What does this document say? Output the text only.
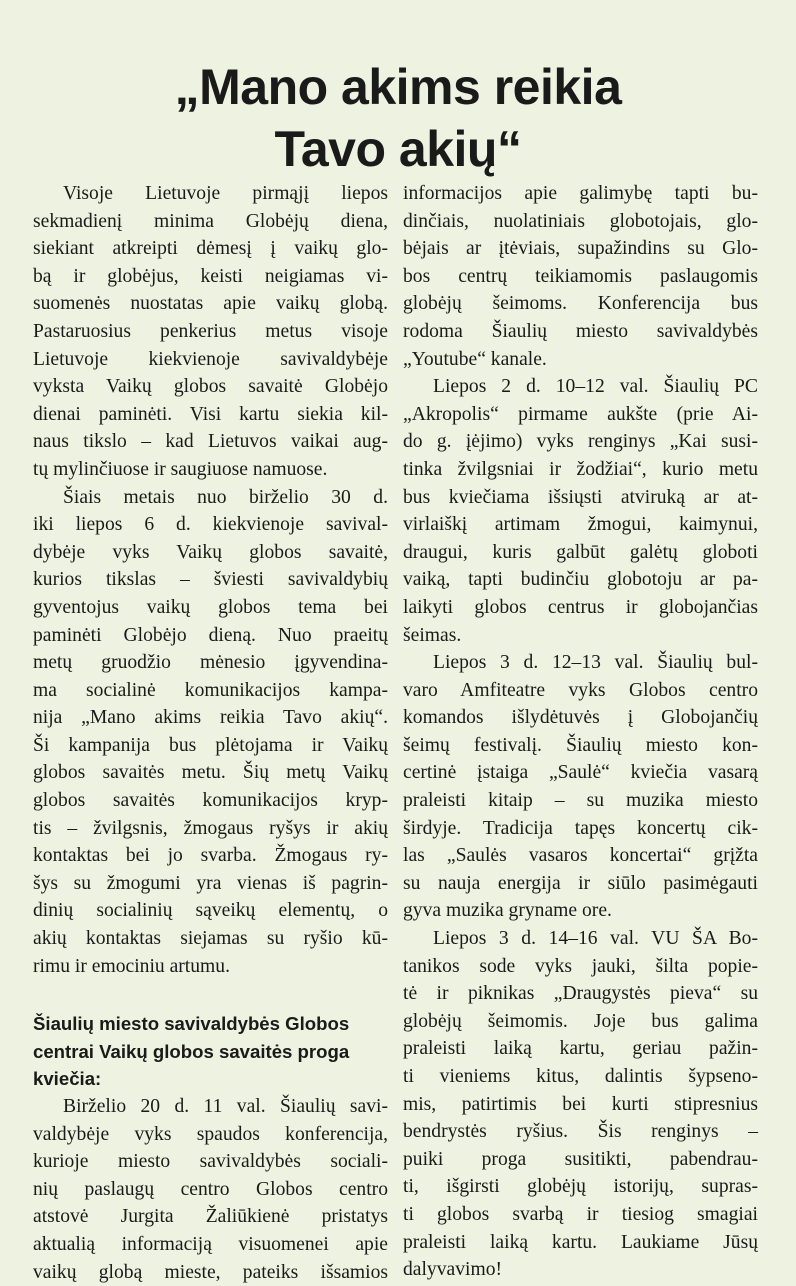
„Mano akims reikia
Tavo akių“
Visoje Lietuvoje pirmąjį liepos
sekmadienį minima Globėjų diena,
siekiant atkreipti dėmesį į vaikų glo-
bą ir globėjus, keisti neigiamas vi-
suomenės nuostatas apie vaikų globą.
Pastaruosius penkerius metus visoje
Lietuvoje kiekvienoje savivaldybėje
vyksta Vaikų globos savaitė Globėjo
dienai paminėti. Visi kartu siekia kil-
naus tikslo – kad Lietuvos vaikai aug-
tų mylinčiuose ir saugiuose namuose.
Šiais metais nuo birželio 30 d.
iki liepos 6 d. kiekvienoje savival-
dybėje vyks Vaikų globos savaitė,
kurios tikslas – šviesti savivaldybių
gyventojus vaikų globos tema bei
paminėti Globėjo dieną. Nuo praeitų
metų gruodžio mėnesio įgyvendina-
ma socialinė komunikacijos kampa-
nija „Mano akims reikia Tavo akių“.
Ši kampanija bus plėtojama ir Vaikų
globos savaitės metu. Šių metų Vaikų
globos savaitės komunikacijos kryp-
tis – žvilgsnis, žmogaus ryšys ir akių
kontaktas bei jo svarba. Žmogaus ry-
šys su žmogumi yra vienas iš pagrin-
dinių socialinių sąveikų elementų, o
akių kontaktas siejamas su ryšio kū-
rimu ir emociniu artumu.
Šiaulių miesto savivaldybės Globos
centrai Vaikų globos savaitės proga
kviečia:
Birželio 20 d. 11 val. Šiaulių savi-
valdybėje vyks spaudos konferencija,
kurioje miesto savivaldybės sociali-
nių paslaugų centro Globos centro
atstovė Jurgita Žaliūkienė pristatys
aktualią informaciją visuomenei apie
vaikų globą mieste, pateiks išsamios
informacijos apie galimybę tapti bu-
dinčiais, nuolatiniais globotojais, glo-
bėjais ar įtėviais, supažindins su Glo-
bos centrų teikiamomis paslaugomis
globėjų šeimoms. Konferencija bus
rodoma Šiaulių miesto savivaldybės
„Youtube“ kanale.
Liepos 2 d. 10–12 val. Šiaulių PC
„Akropolis“ pirmame aukšte (prie Ai-
do g. įėjimo) vyks renginys „Kai susi-
tinka žvilgsniai ir žodžiai“, kurio metu
bus kviečiama išsiųsti atviruką ar at-
virlaiškį artimam žmogui, kaimynui,
draugui, kuris galbūt galėtų globoti
vaiką, tapti budinčiu globotoju ar pa-
laikyti globos centrus ir globojančias
šeimas.
Liepos 3 d. 12–13 val. Šiaulių bul-
varo Amfiteatre vyks Globos centro
komandos išlydėtuvės į Globojančių
šeimų festivalį. Šiaulių miesto kon-
certinė įstaiga „Saulė“ kviečia vasarą
praleisti kitaip – su muzika miesto
širdyje. Tradicija tapęs koncertų cik-
las „Saulės vasaros koncertai“ grįžta
su nauja energija ir siūlo pasimėgauti
gyva muzika gryname ore.
Liepos 3 d. 14–16 val. VU ŠA Bo-
tanikos sode vyks jauki, šilta popie-
tė ir piknikas „Draugystės pieva“ su
globėjų šeimomis. Joje bus galima
praleisti laiką kartu, geriau pažin-
ti vieniems kitus, dalintis šypseno-
mis, patirtimis bei kurti stipresnius
bendrystės ryšius. Šis renginys –
puiki proga susitikti, pabendrau-
ti, išgirsti globėjų istorijų, supras-
ti globos svarbą ir tiesiog smagiai
praleisti laiką kartu. Laukiame Jūsų
dalyvavimo!
